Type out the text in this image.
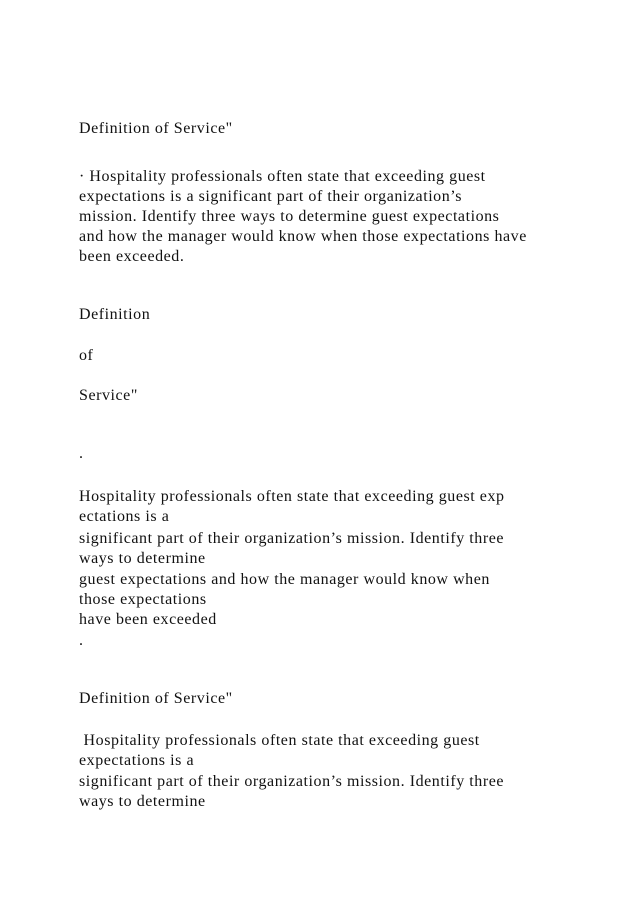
Definition of Service"

· Hospitality professionals often state that exceeding guest

expectations is a significant part of their organization’s

mission. Identify three ways to determine guest expectations

and how the manager would know when those expectations have

been exceeded.

Definition

of

Service"

.

Hospitality professionals often state that exceeding guest exp

ectations is a

significant part of their organization’s mission. Identify three

ways to determine

guest expectations and how the manager would know when

those expectations

have been exceeded

.

Definition of Service"

Hospitality professionals often state that exceeding guest

expectations is a

significant part of their organization’s mission. Identify three

ways to determine
